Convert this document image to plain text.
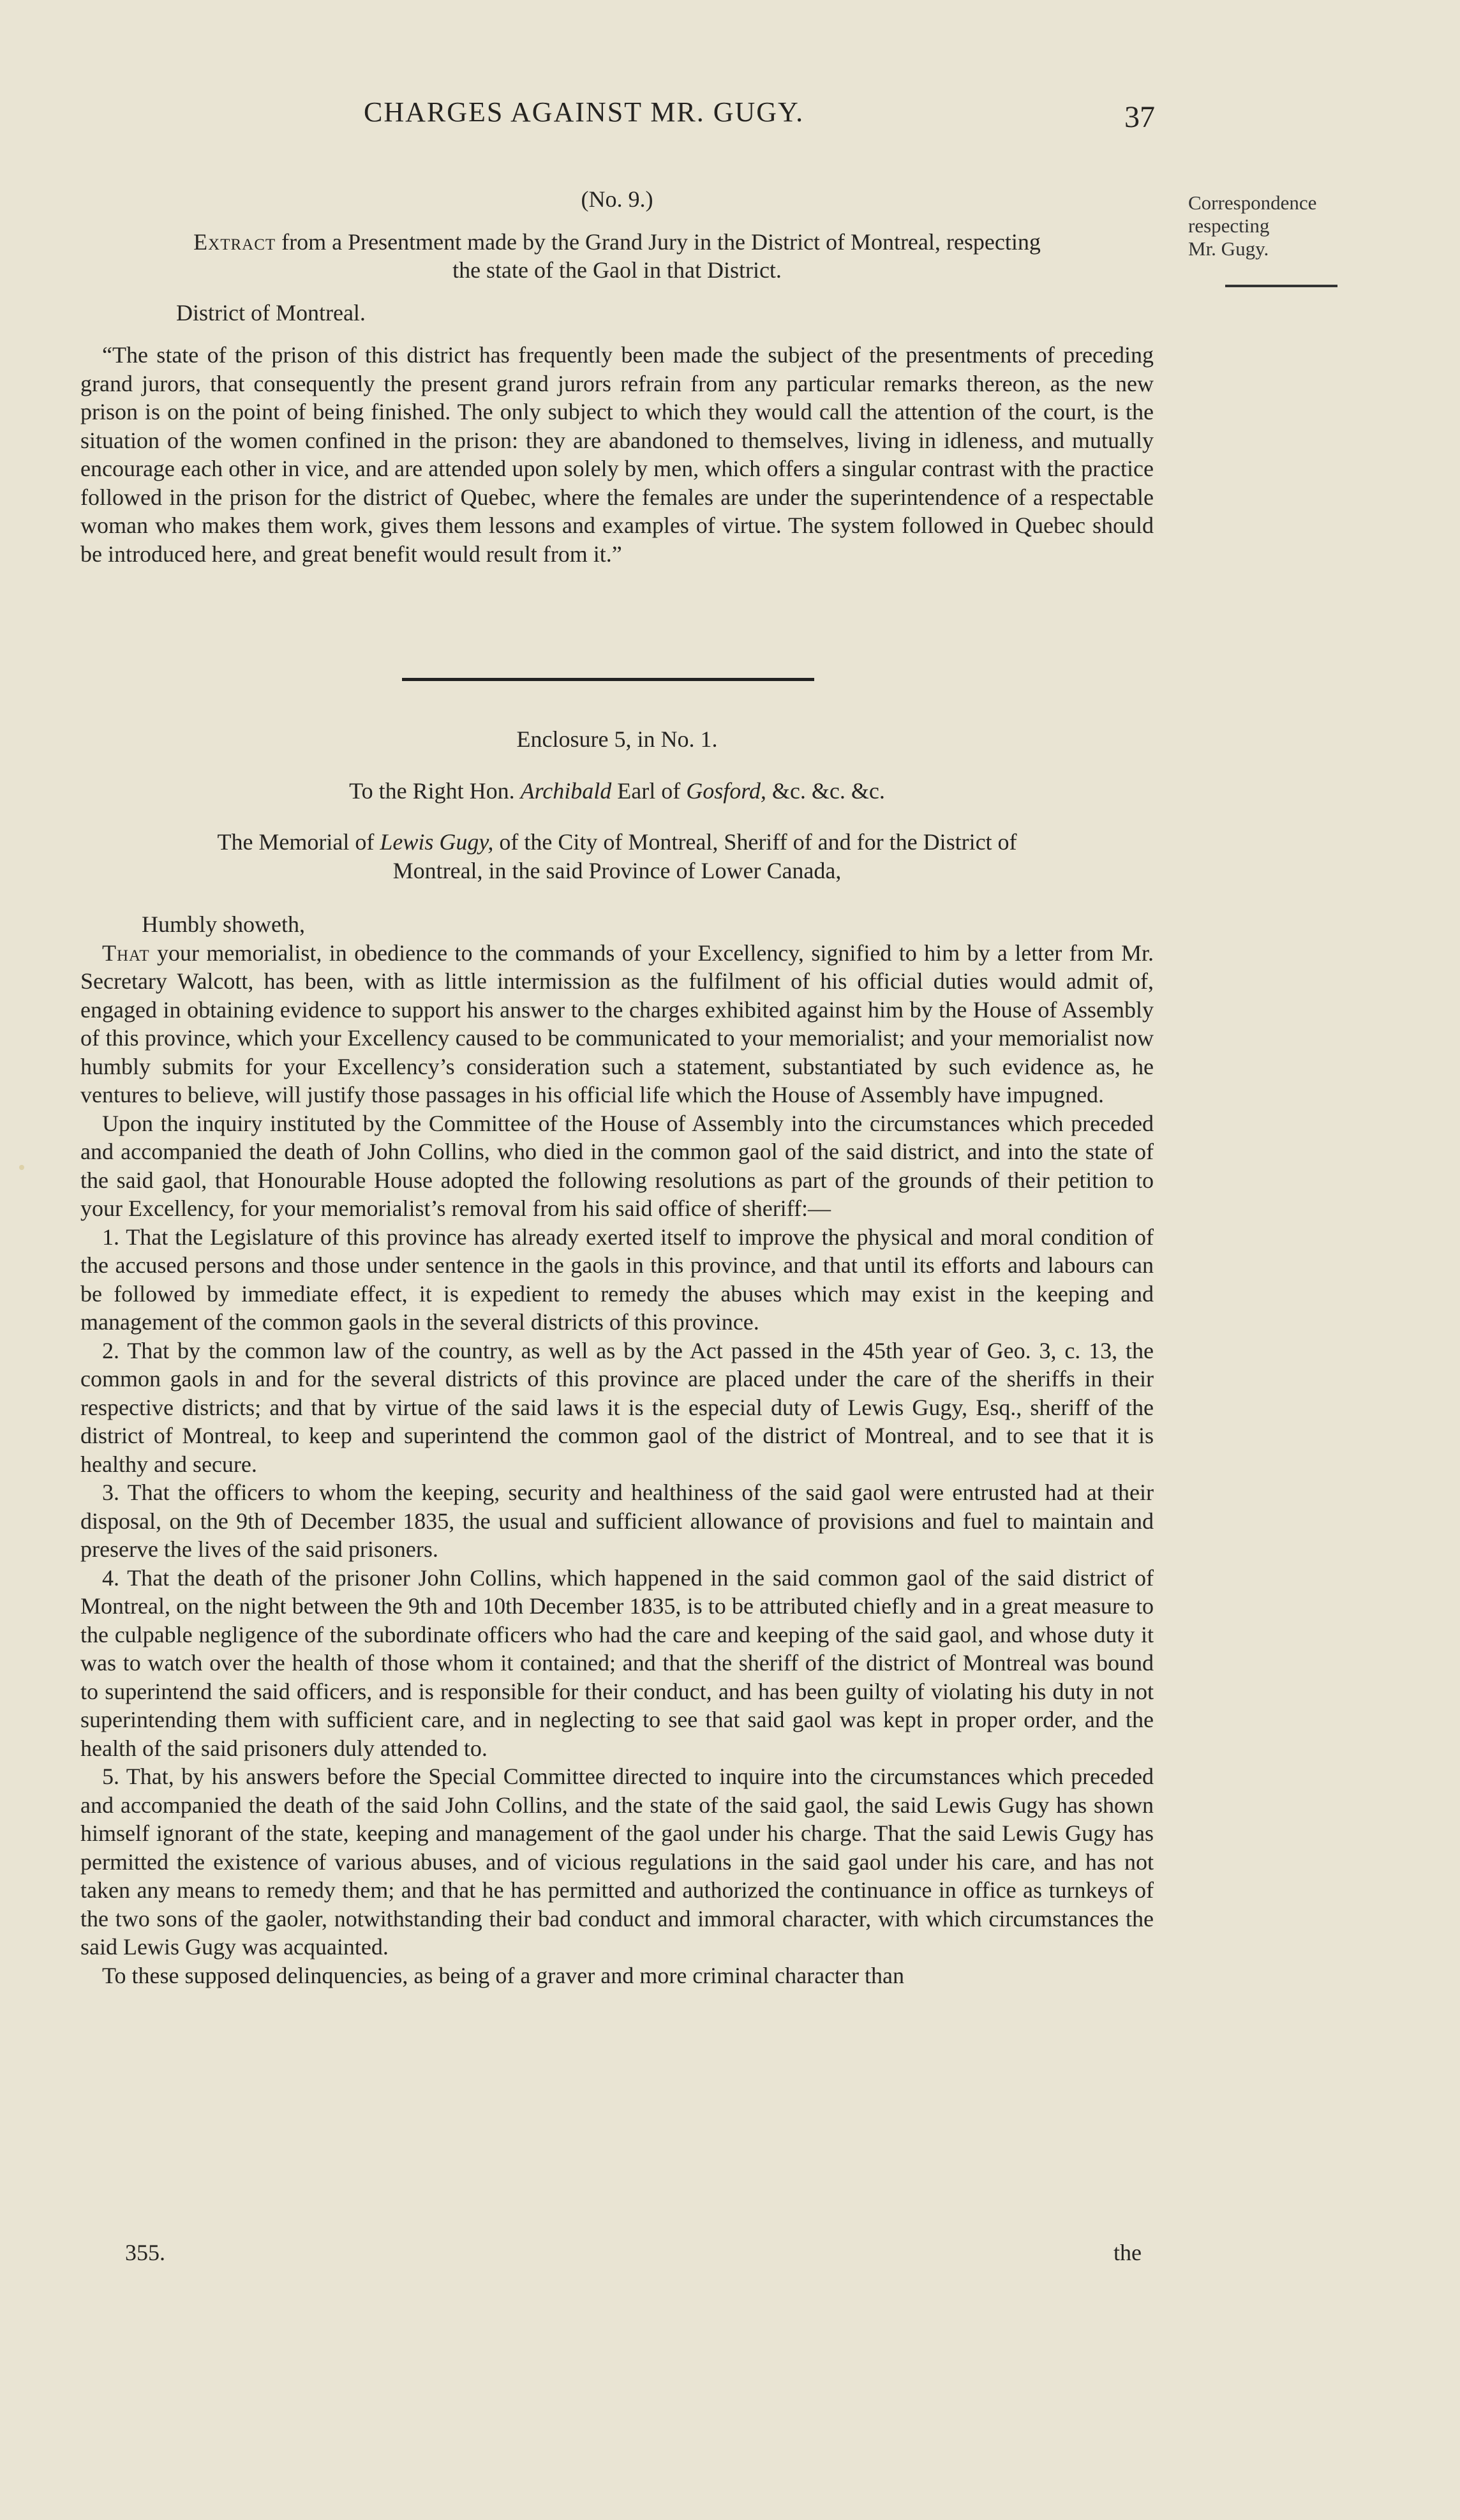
CHARGES AGAINST MR. GUGY.	37
Correspondence
respecting
Mr. Gugy.

(No. 9.)

Extract from a Presentment made by the Grand Jury in the District of Montreal, respecting

the state of the Gaol in that District.

District of Montreal.

“The state of the prison of this district has frequently been made the subject of the presentments of preceding grand jurors, that consequently the present grand jurors refrain from any particular remarks thereon, as the new prison is on the point of being finished. The only subject to which they would call the attention of the court, is the situation of the women confined in the prison: they are abandoned to themselves, living in idleness, and mutually encourage each other in vice, and are attended upon solely by men, which offers a singular contrast with the practice followed in the prison for the district of Quebec, where the females are under the superintendence of a respectable woman who makes them work, gives them lessons and examples of virtue. The system followed in Quebec should be introduced here, and great benefit would result from it.”

Enclosure 5, in No. 1.

To the Right Hon. Archibald Earl of Gosford, &c. &c. &c.

The Memorial of Lewis Gugy, of the City of Montreal, Sheriff of and for the District of

Montreal, in the said Province of Lower Canada,

Humbly showeth,

That your memorialist, in obedience to the commands of your Excellency, signified to him by a letter from Mr. Secretary Walcott, has been, with as little intermission as the fulfilment of his official duties would admit of, engaged in obtaining evidence to support his answer to the charges exhibited against him by the House of Assembly of this province, which your Excellency caused to be communicated to your memorialist; and your memorialist now humbly submits for your Excellency’s consideration such a statement, substantiated by such evidence as, he ventures to believe, will justify those passages in his official life which the House of Assembly have impugned.

Upon the inquiry instituted by the Committee of the House of Assembly into the circumstances which preceded and accompanied the death of John Collins, who died in the common gaol of the said district, and into the state of the said gaol, that Honourable House adopted the following resolutions as part of the grounds of their petition to your Excellency, for your memorialist’s removal from his said office of sheriff:—

1. That the Legislature of this province has already exerted itself to improve the physical and moral condition of the accused persons and those under sentence in the gaols in this province, and that until its efforts and labours can be followed by immediate effect, it is expedient to remedy the abuses which may exist in the keeping and management of the common gaols in the several districts of this province.

2. That by the common law of the country, as well as by the Act passed in the 45th year of Geo. 3, c. 13, the common gaols in and for the several districts of this province are placed under the care of the sheriffs in their respective districts; and that by virtue of the said laws it is the especial duty of Lewis Gugy, Esq., sheriff of the district of Montreal, to keep and superintend the common gaol of the district of Montreal, and to see that it is healthy and secure.

3. That the officers to whom the keeping, security and healthiness of the said gaol were entrusted had at their disposal, on the 9th of December 1835, the usual and sufficient allowance of provisions and fuel to maintain and preserve the lives of the said prisoners.

4. That the death of the prisoner John Collins, which happened in the said common gaol of the said district of Montreal, on the night between the 9th and 10th December 1835, is to be attributed chiefly and in a great measure to the culpable negligence of the subordinate officers who had the care and keeping of the said gaol, and whose duty it was to watch over the health of those whom it contained; and that the sheriff of the district of Montreal was bound to superintend the said officers, and is responsible for their conduct, and has been guilty of violating his duty in not superintending them with sufficient care, and in neglecting to see that said gaol was kept in proper order, and the health of the said prisoners duly attended to.

5. That, by his answers before the Special Committee directed to inquire into the circumstances which preceded and accompanied the death of the said John Collins, and the state of the said gaol, the said Lewis Gugy has shown himself ignorant of the state, keeping and management of the gaol under his charge. That the said Lewis Gugy has permitted the existence of various abuses, and of vicious regulations in the said gaol under his care, and has not taken any means to remedy them; and that he has permitted and authorized the continuance in office as turnkeys of the two sons of the gaoler, notwithstanding their bad conduct and immoral character, with which circumstances the said Lewis Gugy was acquainted.

To these supposed delinquencies, as being of a graver and more criminal character than

355.	the
